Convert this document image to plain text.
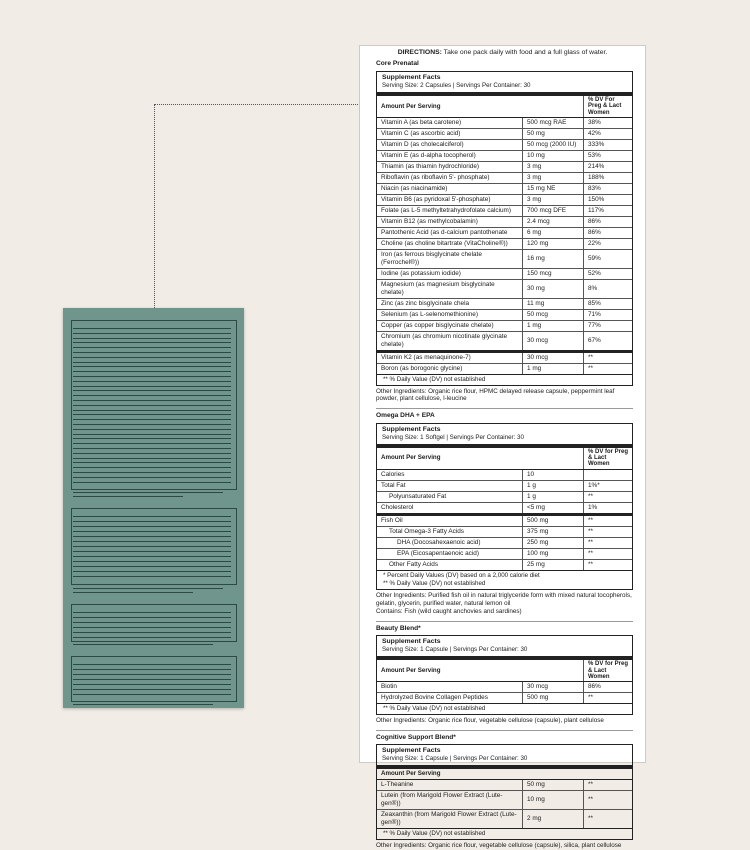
DIRECTIONS: Take one pack daily with food and a full glass of water.
Core Prenatal
Supplement Facts
Serving Size: 2 Capsules | Servings Per Container: 30
Amount Per Serving		% DV For Preg & Lact Women
Vitamin A (as beta carotene)	500 mcg RAE	38%
Vitamin C (as ascorbic acid)	50 mg	42%
Vitamin D (as cholecalciferol)	50 mcg (2000 IU)	333%
Vitamin E (as d-alpha tocopherol)	10 mg	53%
Thiamin (as thiamin hydrochloride)	3 mg	214%
Riboflavin (as riboflavin 5'- phosphate)	3 mg	188%
Niacin (as niacinamide)	15 mg NE	83%
Vitamin B6 (as pyridoxal 5'-phosphate)	3 mg	150%
Folate (as L-5 methyltetrahydrofolate calcium)	700 mcg DFE	117%
Vitamin B12 (as methylcobalamin)	2.4 mcg	86%
Pantothenic Acid (as d-calcium pantothenate	6 mg	86%
Choline (as choline bitartrate (VitaCholine®))	120 mg	22%
Iron (as ferrous bisglycinate chelate (Ferrochel®))	16 mg	59%
Iodine (as potassium iodide)	150 mcg	52%
Magnesium (as magnesium bisglycinate chelate)	30 mg	8%
Zinc (as zinc bisglycinate chela	11 mg	85%
Selenium (as L-selenomethionine)	50 mcg	71%
Copper (as copper bisglycinate chelate)	1 mg	77%
Chromium (as chromium nicotinate glycinate chelate)	30 mcg	67%
Vitamin K2 (as menaquinone-7)	30 mcg	**
Boron (as borogonic glycine)	1 mg	**
** % Daily Value (DV) not established
Other Ingredients: Organic rice flour, HPMC delayed release capsule, peppermint leaf powder, plant cellulose, l-leucine
Omega DHA + EPA
Supplement Facts
Serving Size: 1 Softgel | Servings Per Container: 30
Amount Per Serving		% DV for Preg & Lact Women
Calories	10	
Total Fat	1 g	1%*
Polyunsaturated Fat	1 g	**
Cholesterol	<5 mg	1%
Fish Oil	500 mg	**
Total Omega-3 Fatty Acids	375 mg	**
DHA (Docosahexaenoic acid)	250 mg	**
EPA (Eicosapentaenoic acid)	100 mg	**
Other Fatty Acids	25 mg	**
* Percent Daily Values (DV) based on a 2,000 calorie diet
** % Daily Value (DV) not established
Other Ingredients: Purified fish oil in natural triglyceride form with mixed natural tocopherols, gelatin, glycerin, purified water, natural lemon oil
Contains: Fish (wild caught anchovies and sardines)
Beauty Blend*
Supplement Facts
Serving Size: 1 Capsule | Servings Per Container: 30
Amount Per Serving		% DV for Preg & Lact Women
Biotin	30 mcg	86%
Hydrolyzed Bovine Collagen Peptides	500 mg	**
** % Daily Value (DV) not established
Other Ingredients: Organic rice flour, vegetable cellulose (capsule), plant cellulose
Cognitive Support Blend*
Supplement Facts
Serving Size: 1 Capsule | Servings Per Container: 30
Amount Per Serving		
L-Theanine	50 mg	**
Lutein (from Marigold Flower Extract (Lute-gen®))	10 mg	**
Zeaxanthin (from Marigold Flower Extract (Lute-gen®))	2 mg	**
** % Daily Value (DV) not established
Other Ingredients: Organic rice flour, vegetable cellulose (capsule), silica, plant cellulose
